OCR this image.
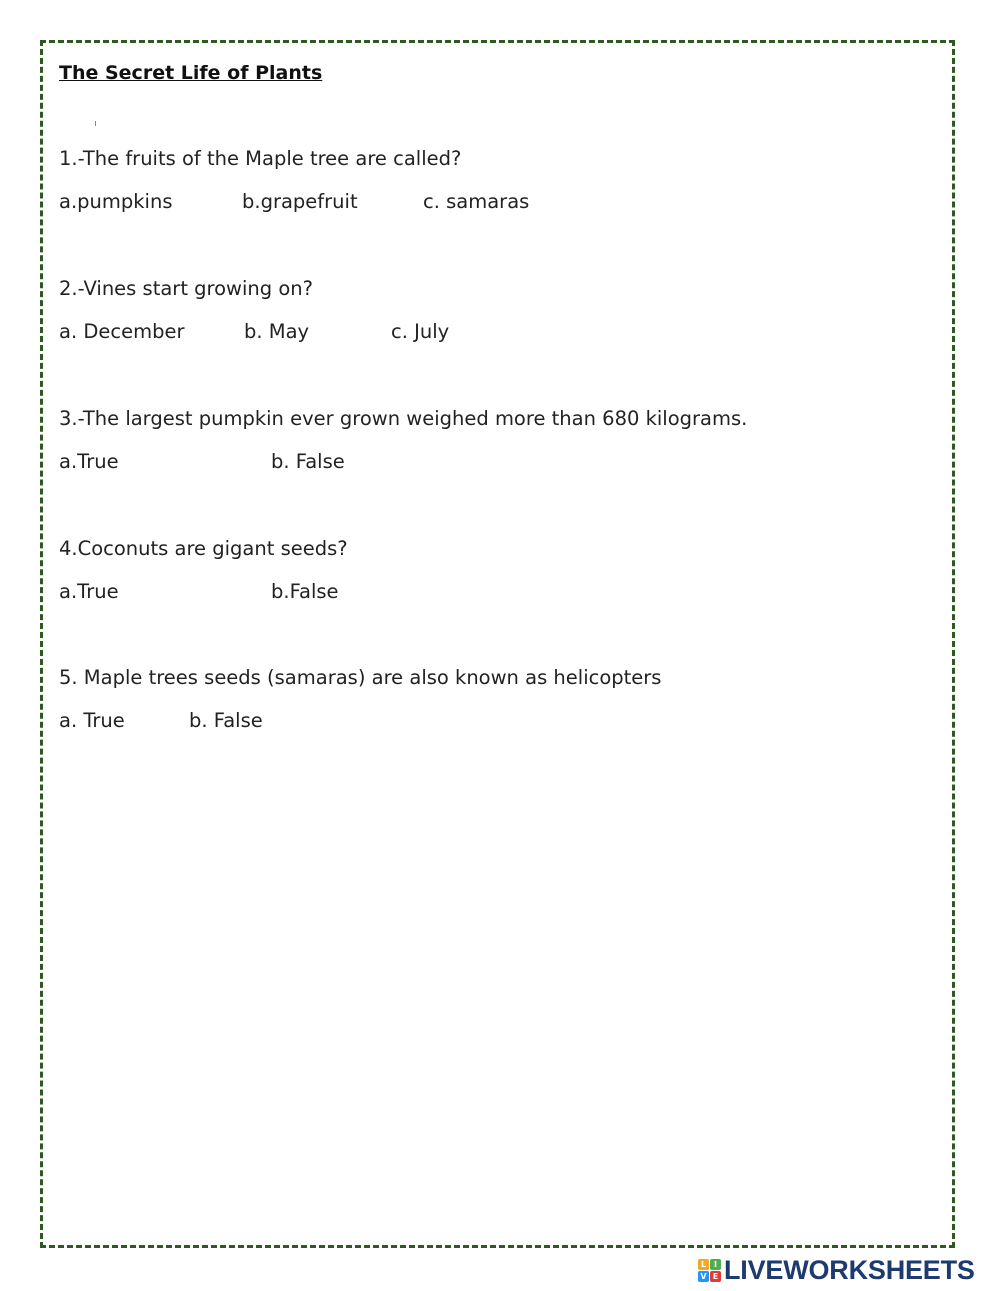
The Secret Life of Plants
1.-The fruits of the Maple tree are called?
a.pumpkins	b.grapefruit	c. samaras
2.-Vines start growing on?
a. December	b. May	c. July
3.-The largest pumpkin ever grown weighed more than 680 kilograms.
a.True	b. False
4.Coconuts are gigant seeds?
a.True	b.False
5. Maple trees seeds (samaras) are also known as helicopters
a. True	b. False
L I
V E LIVEWORKSHEETS
